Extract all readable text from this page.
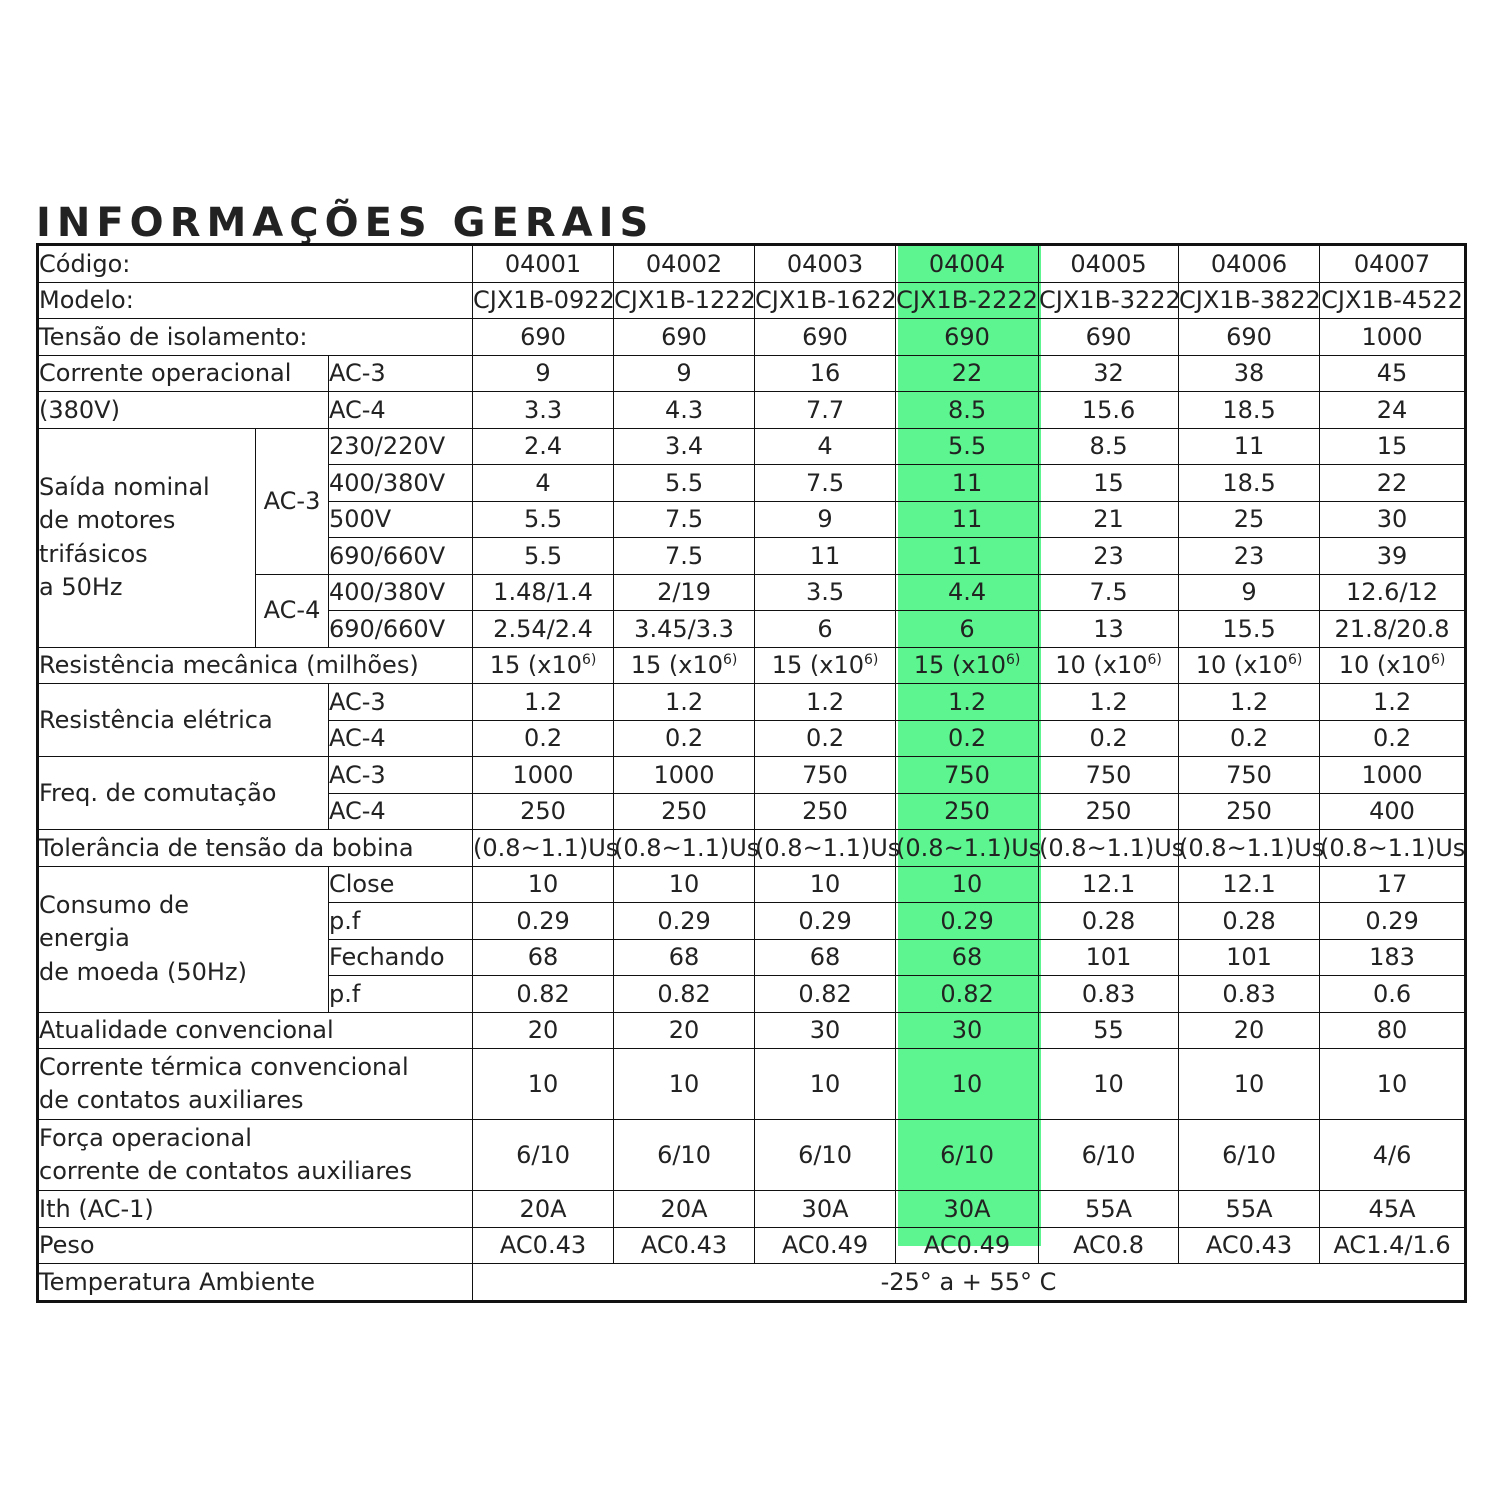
INFORMAÇÕES GERAIS
Código:			04001	04002	04003	04004	04005	04006	04007
Modelo:			CJX1B-0922	CJX1B-1222	CJX1B-1622	CJX1B-2222	CJX1B-3222	CJX1B-3822	CJX1B-4522
Tensão de isolamento:			690	690	690	690	690	690	1000
Corrente operacional		AC-3	9	9	16	22	32	38	45
(380V)		AC-4	3.3	4.3	7.7	8.5	15.6	18.5	24

Saída nominal
de motores
trifásicos
a 50Hz	AC-3	230/220V	2.4	3.4	4	5.5	8.5	11	15
		400/380V	4	5.5	7.5	11	15	18.5	22
		500V	5.5	7.5	9	11	21	25	30
		690/660V	5.5	7.5	11	11	23	23	39
	AC-4	400/380V	1.48/1.4	2/19	3.5	4.4	7.5	9	12.6/12
		690/660V	2.54/2.4	3.45/3.3	6	6	13	15.5	21.8/20.8
Resistência mecânica (milhões)			15 (x10$^{6)}$	15 (x10$^{6)}$	15 (x10$^{6)}$	15 (x10$^{6)}$	10 (x10$^{6)}$	10 (x10$^{6)}$	10 (x10$^{6)}$
Resistência elétrica		AC-3	1.2	1.2	1.2	1.2	1.2	1.2	1.2
		AC-4	0.2	0.2	0.2	0.2	0.2	0.2	0.2
Freq. de comutação		AC-3	1000	1000	750	750	750	750	1000
		AC-4	250	250	250	250	250	250	400
Tolerância de tensão da bobina			(0.8~1.1)Us	(0.8~1.1)Us	(0.8~1.1)Us	(0.8~1.1)Us	(0.8~1.1)Us	(0.8~1.1)Us	(0.8~1.1)Us

Consumo de
energia
de moeda (50Hz)		Close	10	10	10	10	12.1	12.1	17
		p.f	0.29	0.29	0.29	0.29	0.28	0.28	0.29
		Fechando	68	68	68	68	101	101	183
		p.f	0.82	0.82	0.82	0.82	0.83	0.83	0.6
Atualidade convencional			20	20	30	30	55	20	80

Corrente térmica convencional
de contatos auxiliares			10	10	10	10	10	10	10

Força operacional
corrente de contatos auxiliares			6/10	6/10	6/10	6/10	6/10	6/10	4/6
Ith (AC-1)			20A	20A	30A	30A	55A	55A	45A
Peso			AC0.43	AC0.43	AC0.49	AC0.49	AC0.8	AC0.43	AC1.4/1.6
Temperatura Ambiente			-25° a + 55° C						
